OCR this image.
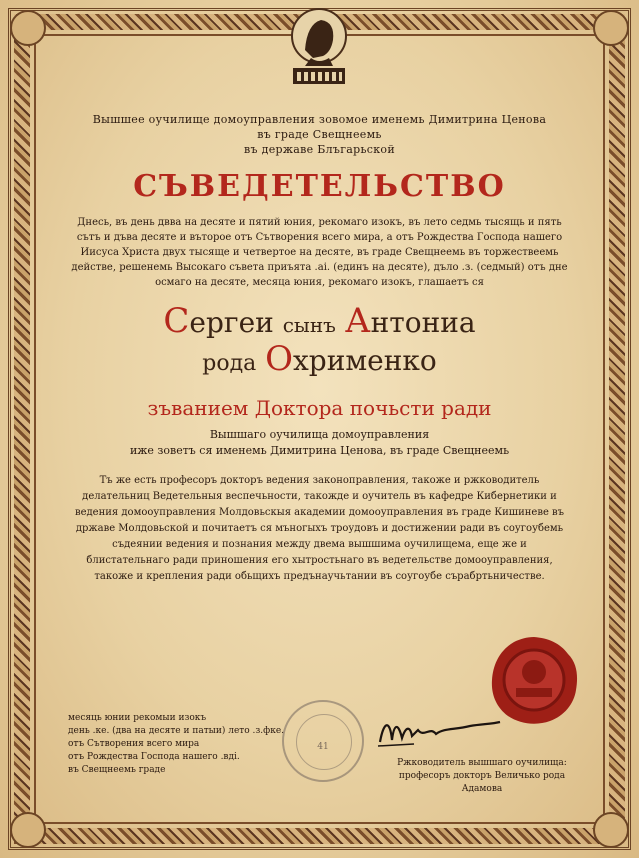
Вышшее оучилище домоуправления зовомое именемь Димитрина Ценова
въ граде Свещнеемь
въ державе Блъгарьской
СЪВЕДЕТЕЛЬСТВО
Днесь, въ день двва на десяте и пятий юния, рекомаго изокъ, въ лето седмь тысящь и пять сътъ и дъва десяте и въторое отъ Сътворения всего мира, а отъ Рождества Господа нашего Иисуса Христа двух тысяще и четвертое на десяте, въ граде Свещнеемь въ торжествеемь действе, решенемь Высокаго съвета приъята .аі. (единъ на десяте), дъло .з. (седмый) отъ дне осмаго на десяте, месяца юния, рекомаго изокъ, глашаетъ ся
Сергеи сынъ Антониа
рода Охрименко
зъванием Доктора почьсти ради
Вышшаго оучилища домоуправления
иже зоветъ ся именемь Димитрина Ценова, въ граде Свещнеемь
Тъ же есть професоръ докторъ ведения законоправления, такоже и ржководитель делательниц Ведетельныя веспечьности, такожде и оучитель въ кафедре Кибернетики и ведения домооуправления Молдовьскыя академии домооуправления въ граде Кишиневе въ државе Молдовьской и почитаетъ ся мъногыхъ троудовъ и достижении ради въ соугоубемь съдеянии ведения и познания между двема вышшима оучилищема, еще же и блистательнаго ради приношения его хытростьнаго въ ведетельстве домооуправления, такоже и крепления ради обьщихъ предънаучьтании въ соугоубе сърабртьничестве.
41
месяць юнии рекомыи изокъ
день .ке. (два на десяте и патыи) лето .з.фке.
отъ Сътворения всего мира
отъ Рождества Господа нашего .вді.
въ Свещнеемь граде
Ржководитель вышшаго оучилища:
професоръ докторъ Величько рода Адамова
